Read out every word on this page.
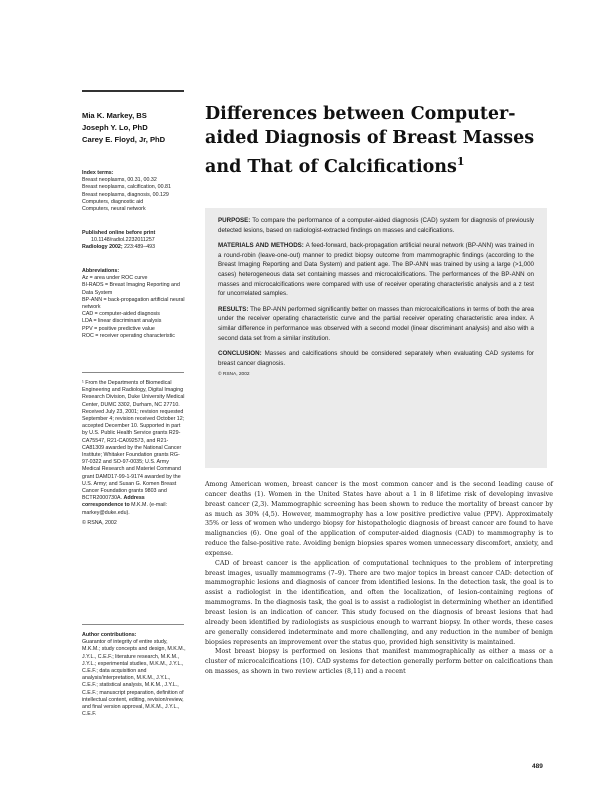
Mia K. Markey, BS
Joseph Y. Lo, PhD
Carey E. Floyd, Jr, PhD
Index terms:
Breast neoplasms, 00.31, 00.32
Breast neoplasms, calcification, 00.81
Breast neoplasms, diagnosis, 00.129
Computers, diagnostic aid
Computers, neural network
Published online before print
10.1148/radiol.2232011257
Radiology 2002; 223:489–493
Abbreviations:
Az = area under ROC curve
BI-RADS = Breast Imaging Reporting and Data System
BP-ANN = back-propagation artificial neural network
CAD = computer-aided diagnosis
LDA = linear discriminant analysis
PPV = positive predictive value
ROC = receiver operating characteristic
¹ From the Departments of Biomedical Engineering and Radiology, Digital Imaging Research Division, Duke University Medical Center, DUMC 3302, Durham, NC 27710. Received July 23, 2001; revision requested September 4; revision received October 12; accepted December 10. Supported in part by U.S. Public Health Service grants R29-CA75547, R21-CA092573, and R21-CA81309 awarded by the National Cancer Institute; Whitaker Foundation grants RG-97-0322 and SO-97-0035; U.S. Army Medical Research and Materiel Command grant DAMD17-99-1-9174 awarded by the U.S. Army; and Susan G. Komen Breast Cancer Foundation grants 9803 and BCTR2000730A. Address correspondence to M.K.M. (e-mail: markey@duke.edu).
© RSNA, 2002
Author contributions:
Guarantor of integrity of entire study, M.K.M.; study concepts and design, M.K.M., J.Y.L., C.E.F.; literature research, M.K.M., J.Y.L.; experimental studies, M.K.M., J.Y.L., C.E.F.; data acquisition and analysis/interpretation, M.K.M., J.Y.L., C.E.F.; statistical analysis, M.K.M., J.Y.L., C.E.F.; manuscript preparation, definition of intellectual content, editing, revision/review, and final version approval, M.K.M., J.Y.L., C.E.F.
Differences between Computer-aided Diagnosis of Breast Masses and That of Calcifications$^1$

PURPOSE: To compare the performance of a computer-aided diagnosis (CAD) system for diagnosis of previously detected lesions, based on radiologist-extracted findings on masses and calcifications.

MATERIALS AND METHODS: A feed-forward, back-propagation artificial neural network (BP-ANN) was trained in a round-robin (leave-one-out) manner to predict biopsy outcome from mammographic findings (according to the Breast Imaging Reporting and Data System) and patient age. The BP-ANN was trained by using a large (>1,000 cases) heterogeneous data set containing masses and microcalcifications. The performances of the BP-ANN on masses and microcalcifications were compared with use of receiver operating characteristic analysis and a z test for uncorrelated samples.

RESULTS: The BP-ANN performed significantly better on masses than microcalcifications in terms of both the area under the receiver operating characteristic curve and the partial receiver operating characteristic area index. A similar difference in performance was observed with a second model (linear discriminant analysis) and also with a second data set from a similar institution.

CONCLUSION: Masses and calcifications should be considered separately when evaluating CAD systems for breast cancer diagnosis.

© RSNA, 2002

Among American women, breast cancer is the most common cancer and is the second leading cause of cancer deaths (1). Women in the United States have about a 1 in 8 lifetime risk of developing invasive breast cancer (2,3). Mammographic screening has been shown to reduce the mortality of breast cancer by as much as 30% (4,5). However, mammography has a low positive predictive value (PPV). Approximately 35% or less of women who undergo biopsy for histopathologic diagnosis of breast cancer are found to have malignancies (6). One goal of the application of computer-aided diagnosis (CAD) to mammography is to reduce the false-positive rate. Avoiding benign biopsies spares women unnecessary discomfort, anxiety, and expense.

CAD of breast cancer is the application of computational techniques to the problem of interpreting breast images, usually mammograms (7–9). There are two major topics in breast cancer CAD: detection of mammographic lesions and diagnosis of cancer from identified lesions. In the detection task, the goal is to assist a radiologist in the identification, and often the localization, of lesion-containing regions of mammograms. In the diagnosis task, the goal is to assist a radiologist in determining whether an identified breast lesion is an indication of cancer. This study focused on the diagnosis of breast lesions that had already been identified by radiologists as suspicious enough to warrant biopsy. In other words, these cases are generally considered indeterminate and more challenging, and any reduction in the number of benign biopsies represents an improvement over the status quo, provided high sensitivity is maintained.

Most breast biopsy is performed on lesions that manifest mammographically as either a mass or a cluster of microcalcifications (10). CAD systems for detection generally perform better on calcifications than on masses, as shown in two review articles (8,11) and a recent

489
